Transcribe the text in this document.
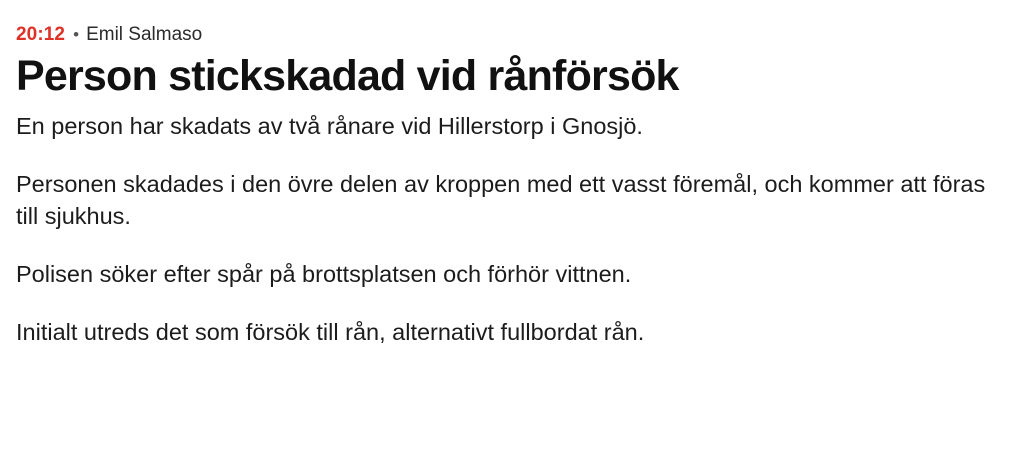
20:12 • Emil Salmaso
Person stickskadad vid rånförsök

En person har skadats av två rånare vid Hillerstorp i Gnosjö.

Personen skadades i den övre delen av kroppen med ett vasst föremål, och kommer att föras till sjukhus.

Polisen söker efter spår på brottsplatsen och förhör vittnen.

Initialt utreds det som försök till rån, alternativt fullbordat rån.
